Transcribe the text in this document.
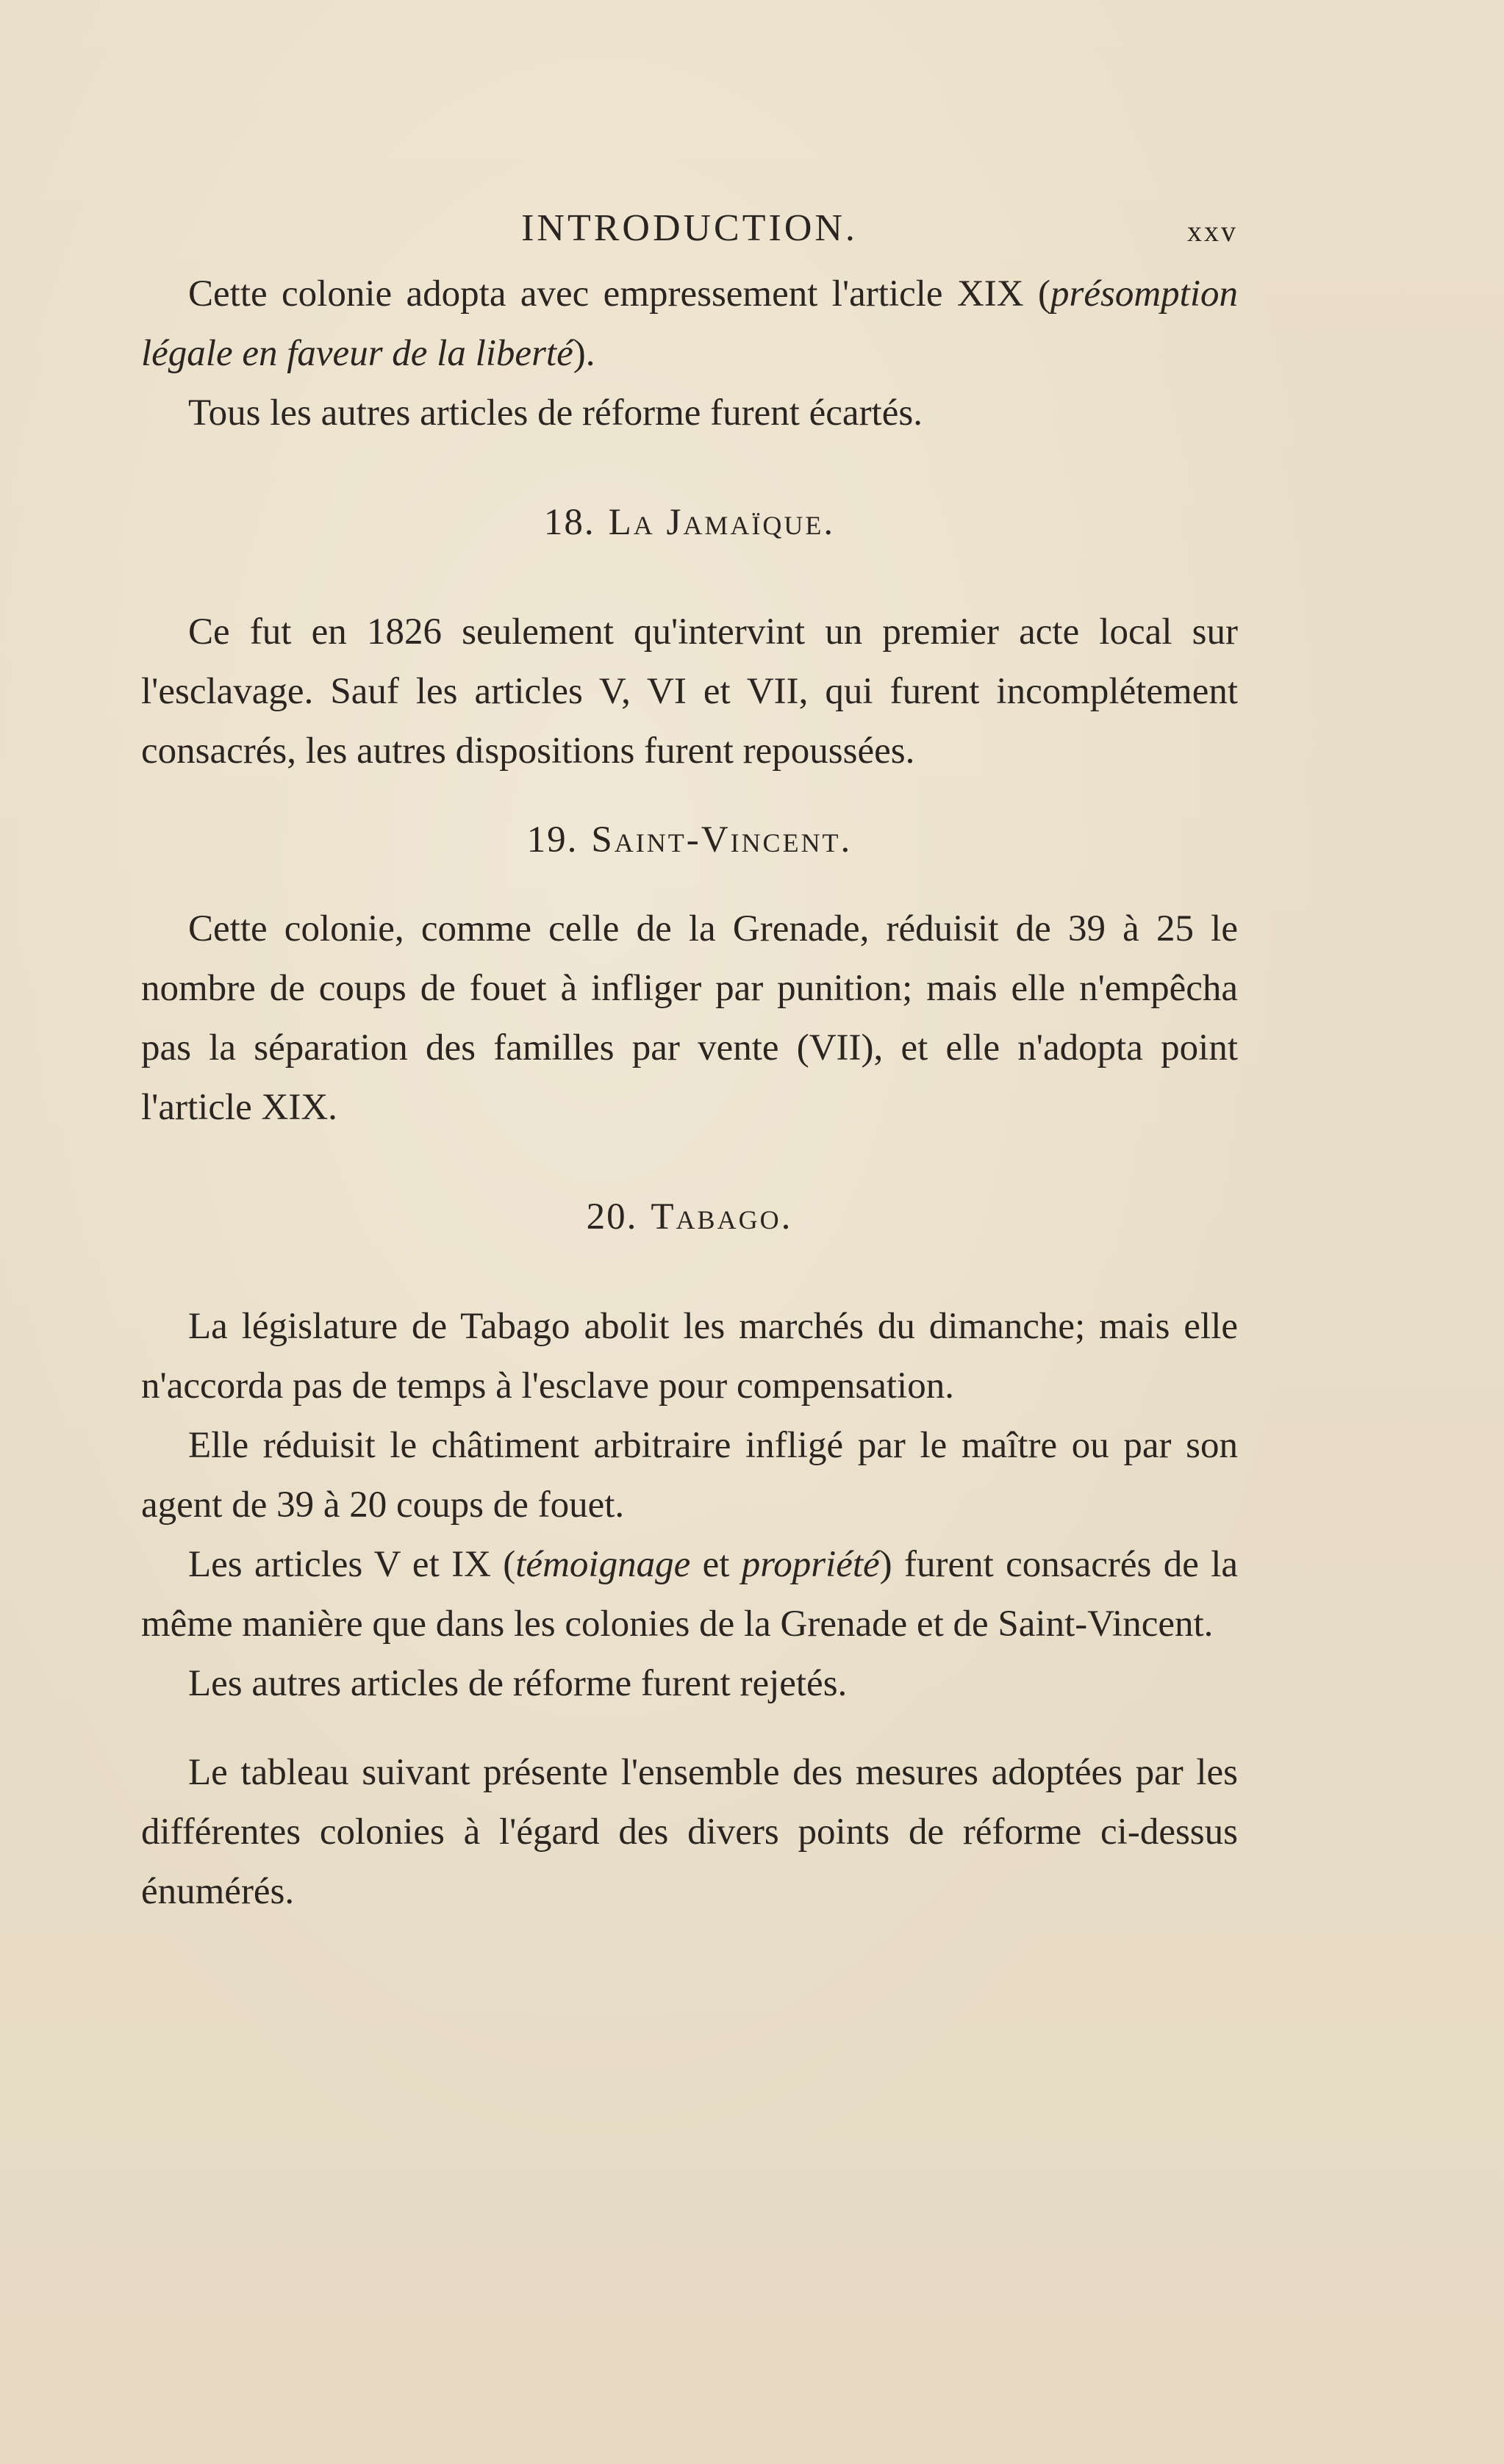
INTRODUCTION.	xxv

Cette colonie adopta avec empressement l'article XIX (présomption légale en faveur de la liberté).

Tous les autres articles de réforme furent écartés.

18. La Jamaïque.

Ce fut en 1826 seulement qu'intervint un premier acte local sur l'esclavage. Sauf les articles V, VI et VII, qui furent incomplétement consacrés, les autres dispositions furent repoussées.

19. Saint-Vincent.

Cette colonie, comme celle de la Grenade, réduisit de 39 à 25 le nombre de coups de fouet à infliger par punition; mais elle n'empêcha pas la séparation des familles par vente (VII), et elle n'adopta point l'article XIX.

20. Tabago.

La législature de Tabago abolit les marchés du dimanche; mais elle n'accorda pas de temps à l'esclave pour compensation.

Elle réduisit le châtiment arbitraire infligé par le maître ou par son agent de 39 à 20 coups de fouet.

Les articles V et IX (témoignage et propriété) furent consacrés de la même manière que dans les colonies de la Grenade et de Saint-Vincent.

Les autres articles de réforme furent rejetés.

Le tableau suivant présente l'ensemble des mesures adoptées par les différentes colonies à l'égard des divers points de réforme ci-dessus énumérés.
